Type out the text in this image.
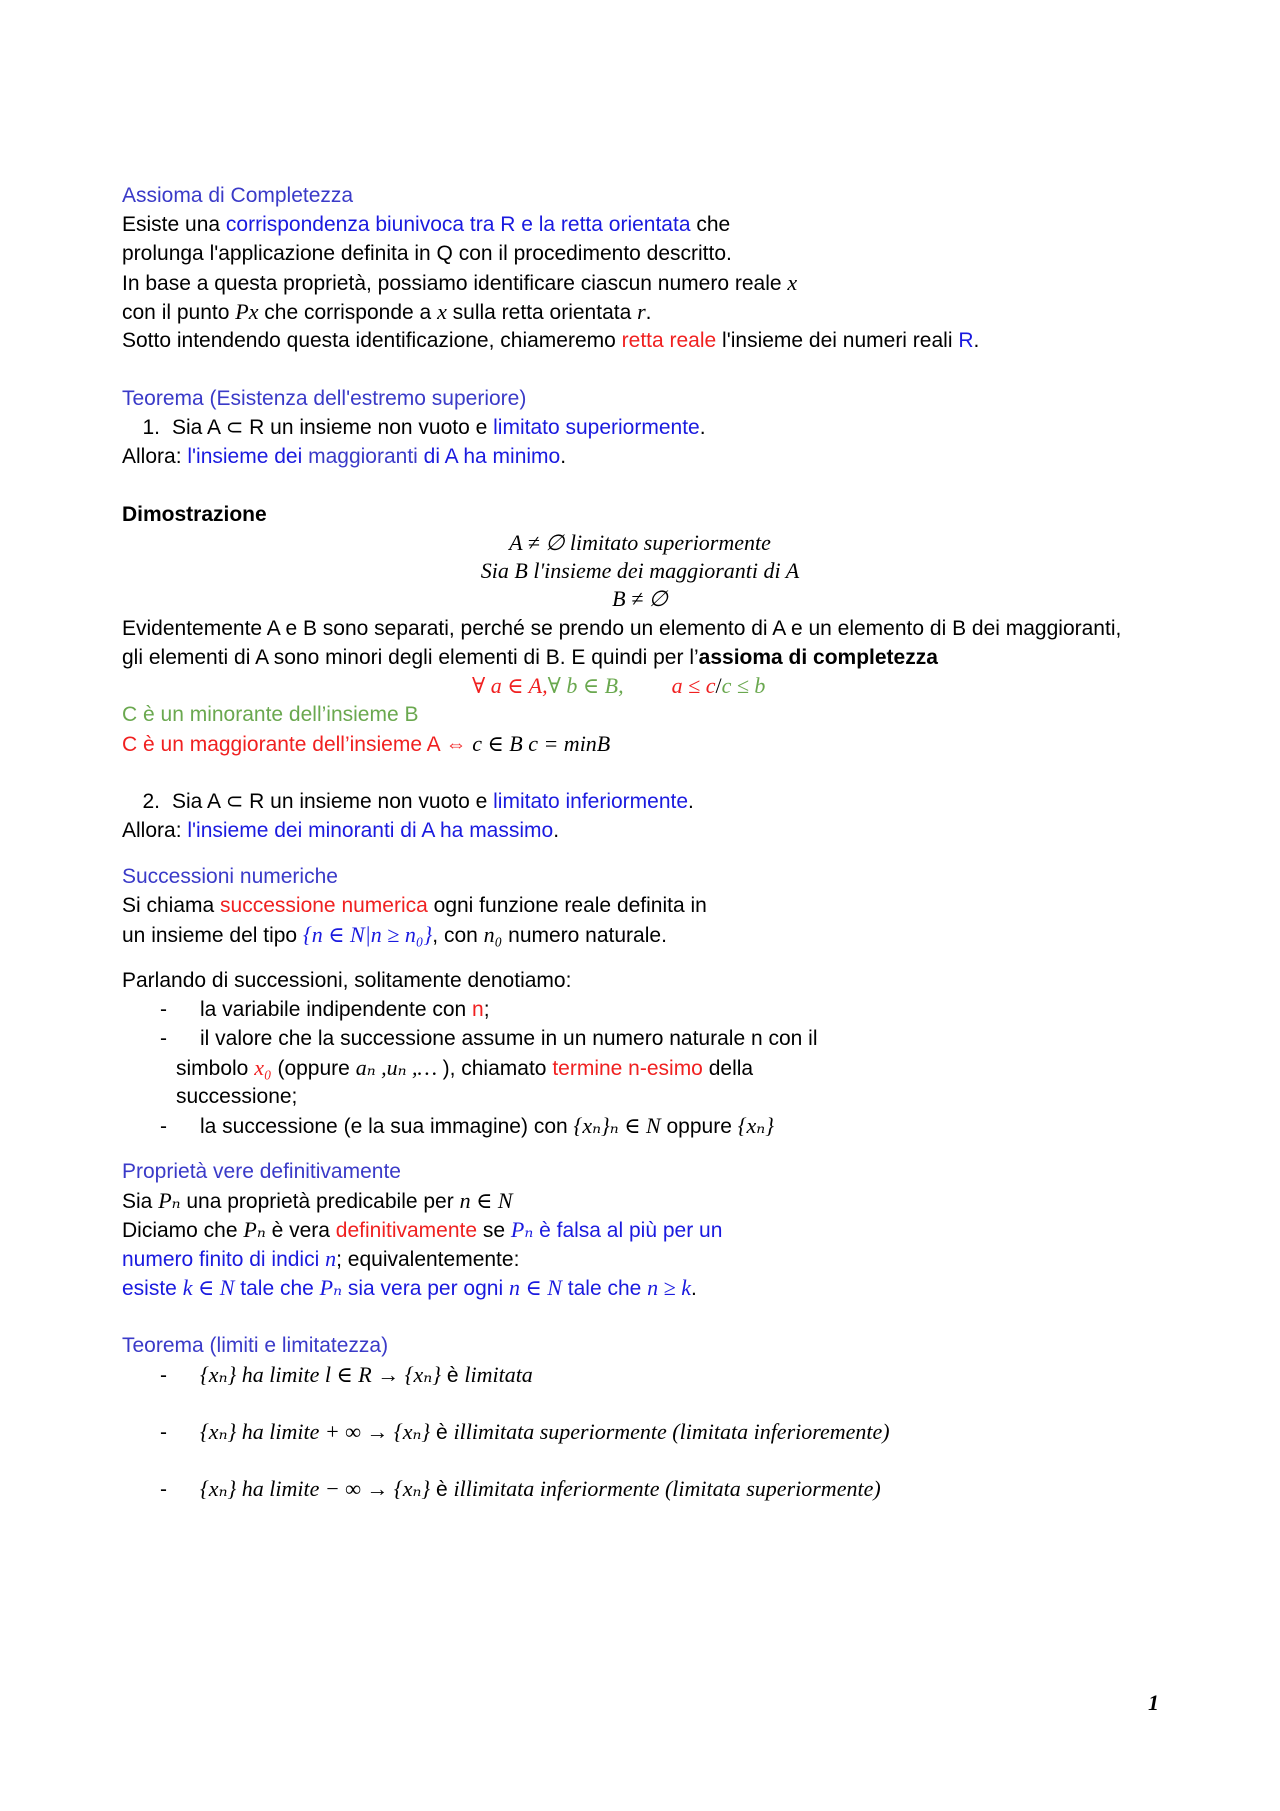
Assioma di Completezza
Esiste una corrispondenza biunivoca tra R e la retta orientata che
prolunga l'applicazione definita in Q con il procedimento descritto.
In base a questa proprietà, possiamo identificare ciascun numero reale x
con il punto Px che corrisponde a x sulla retta orientata r.
Sotto intendendo questa identificazione, chiameremo retta reale l'insieme dei numeri reali R.
Teorema (Esistenza dell'estremo superiore)
1. Sia A ⊂ R un insieme non vuoto e limitato superiormente.
Allora: l'insieme dei maggioranti di A ha minimo.
Dimostrazione
A ≠ ∅ limitato superiormente
Sia B l'insieme dei maggioranti di A
B ≠ ∅
Evidentemente A e B sono separati, perché se prendo un elemento di A e un elemento di B dei maggioranti,
gli elementi di A sono minori degli elementi di B. E quindi per l’assioma di completezza
∀ a ∈ A,∀ b ∈ B, a ≤ c/c ≤ b
C è un minorante dell’insieme B
C è un maggiorante dell’insieme A ⇔ c ∈ B c = minB
2. Sia A ⊂ R un insieme non vuoto e limitato inferiormente.
Allora: l'insieme dei minoranti di A ha massimo.
Successioni numeriche
Si chiama successione numerica ogni funzione reale definita in
un insieme del tipo {n ∈ N|n ≥ n₀}, con n₀ numero naturale.
Parlando di successioni, solitamente denotiamo:
- la variabile indipendente con n;
- il valore che la successione assume in un numero naturale n con il
simbolo x₀ (oppure aₙ ,uₙ ,… ), chiamato termine n-esimo della
successione;
- la successione (e la sua immagine) con {xₙ}ₙ ∈ N oppure {xₙ}
Proprietà vere definitivamente
Sia Pₙ una proprietà predicabile per n ∈ N
Diciamo che Pₙ è vera definitivamente se Pₙ è falsa al più per un
numero finito di indici n; equivalentemente:
esiste k ∈ N tale che Pₙ sia vera per ogni n ∈ N tale che n ≥ k.
Teorema (limiti e limitatezza)
- {xₙ} ha limite l ∈ R → {xₙ} è limitata
- {xₙ} ha limite + ∞ → {xₙ} è illimitata superiormente (limitata inferioremente)
- {xₙ} ha limite − ∞ → {xₙ} è illimitata inferiormente (limitata superiormente)
1
